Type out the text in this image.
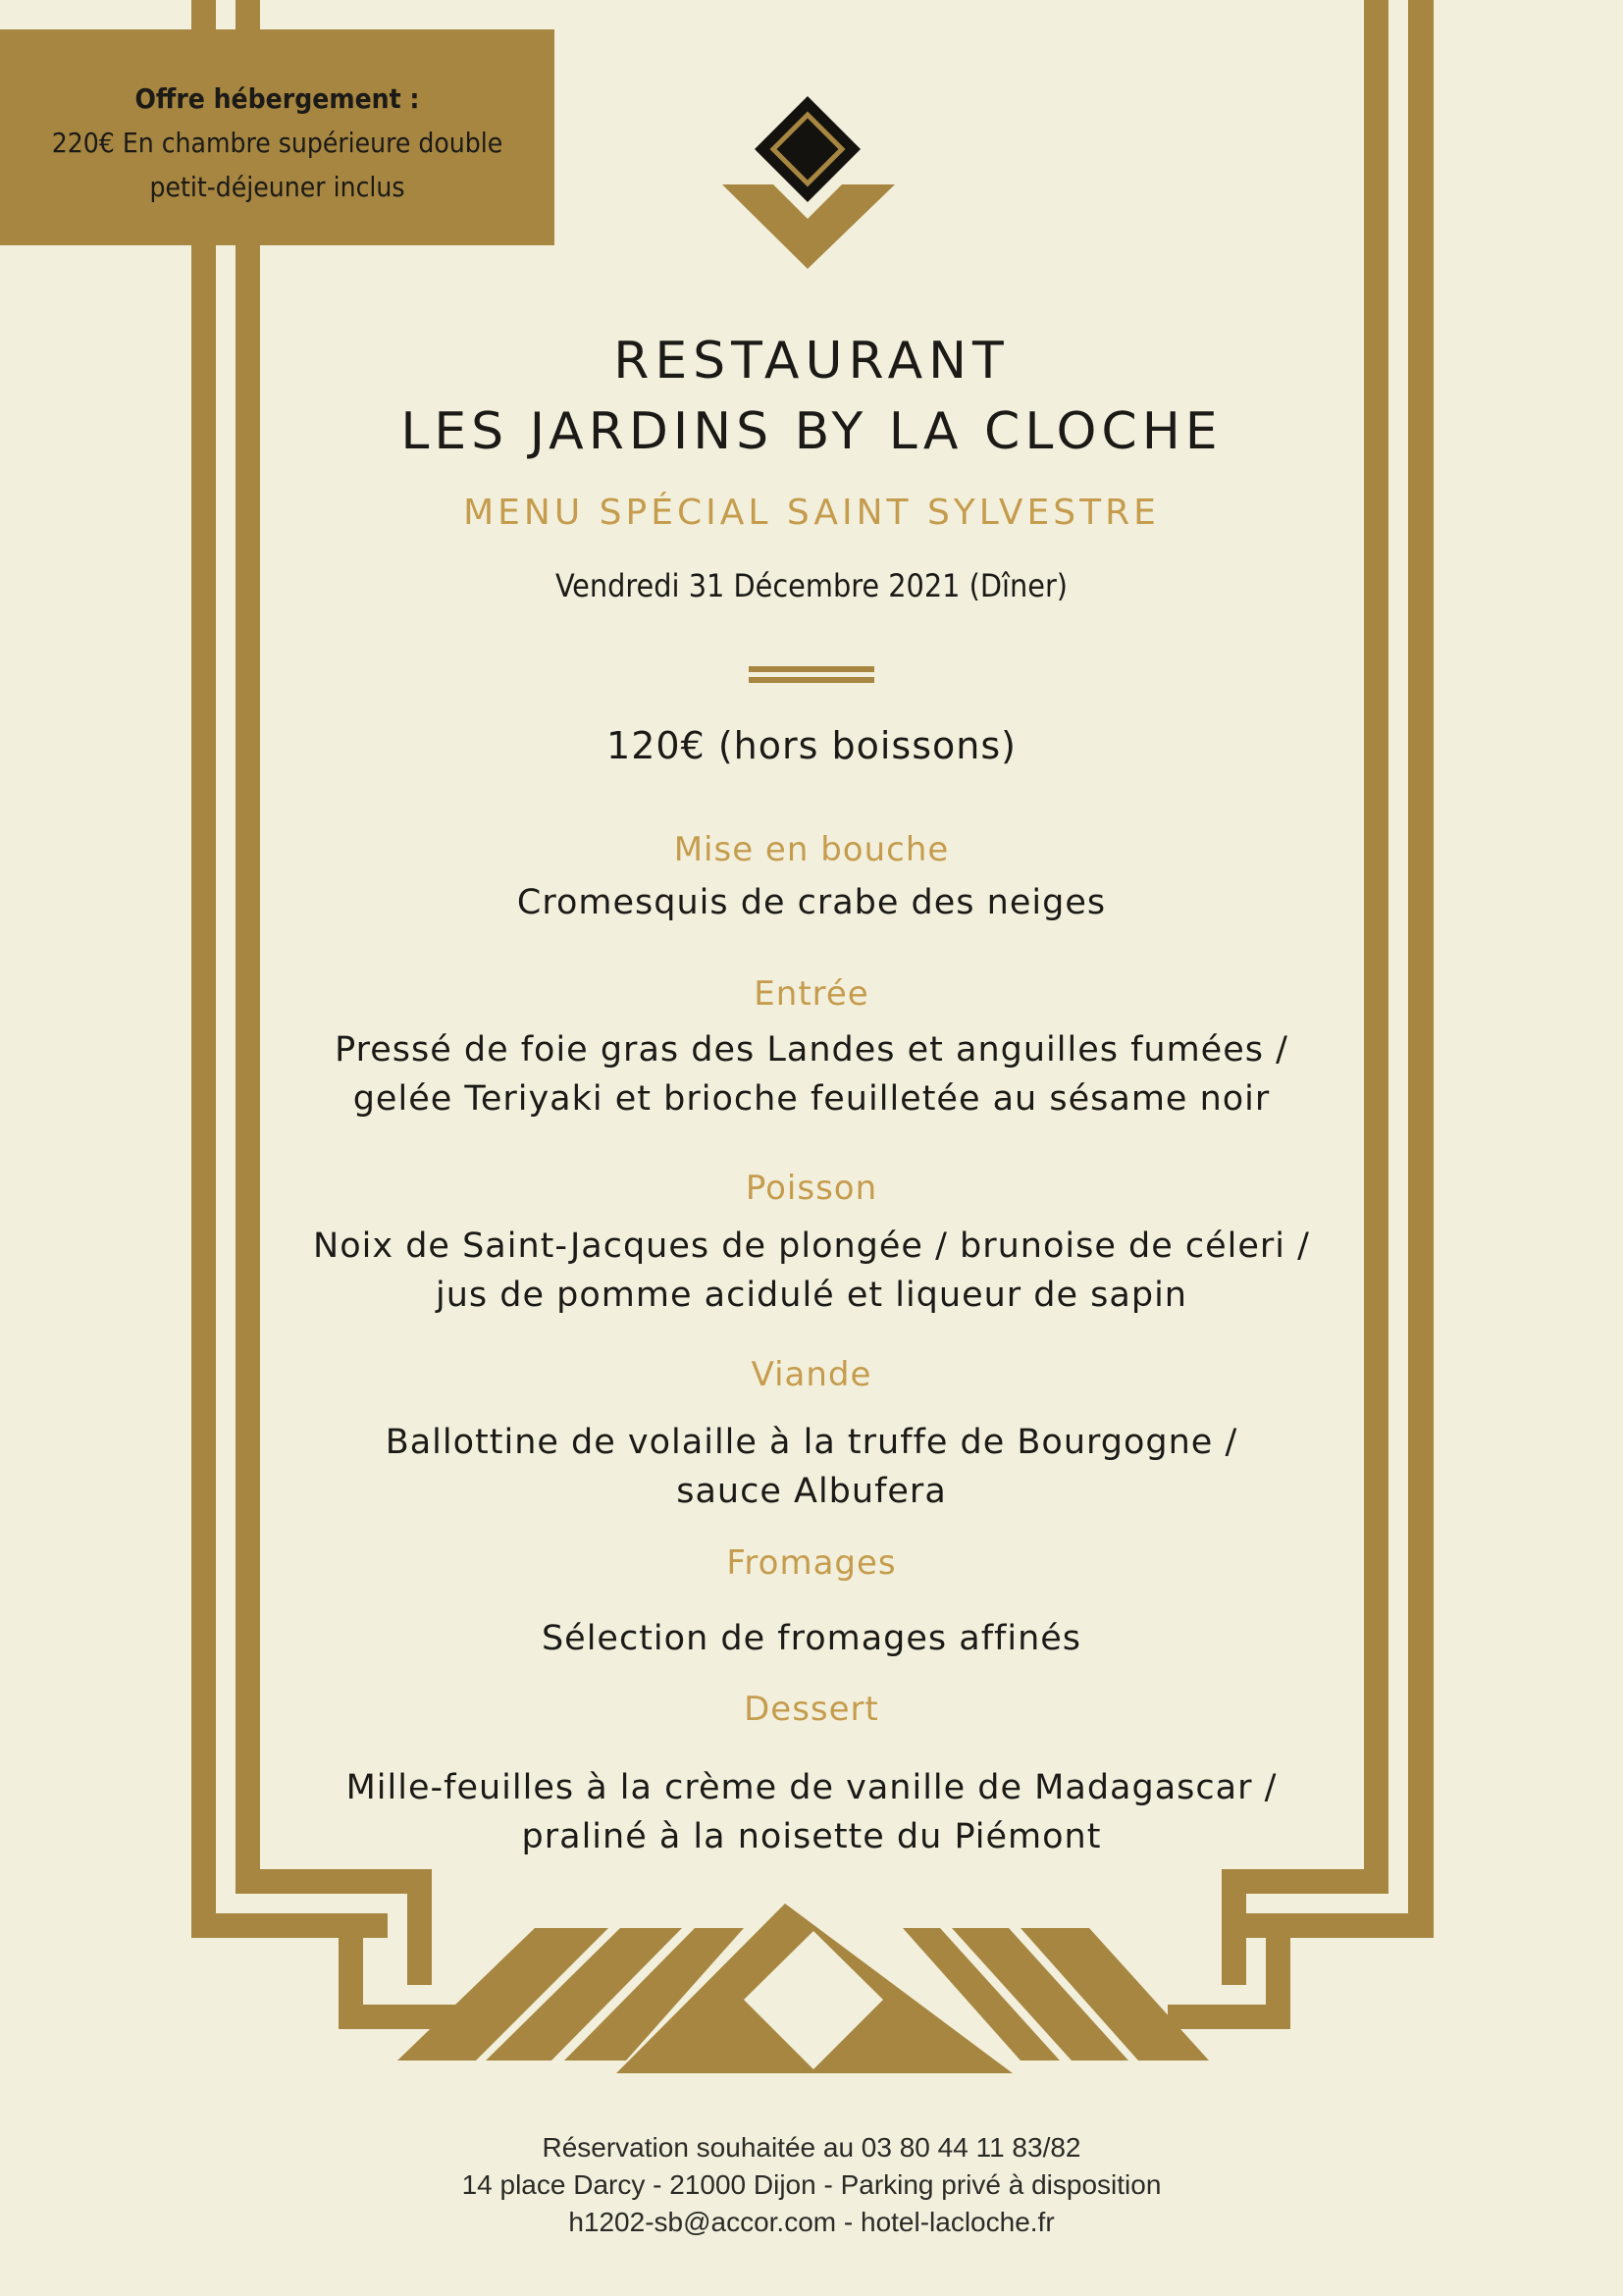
Offre hébergement :
220€ En chambre supérieure double
petit-déjeuner inclus
RESTAURANT
LES JARDINS BY LA CLOCHE
MENU SPÉCIAL SAINT SYLVESTRE
Vendredi 31 Décembre 2021 (Dîner)
120€ (hors boissons)
Mise en bouche
Cromesquis de crabe des neiges
Entrée
Pressé de foie gras des Landes et anguilles fumées /
gelée Teriyaki et brioche feuilletée au sésame noir
Poisson
Noix de Saint-Jacques de plongée / brunoise de céleri /
jus de pomme acidulé et liqueur de sapin
Viande
Ballottine de volaille à la truffe de Bourgogne /
sauce Albufera
Fromages
Sélection de fromages affinés
Dessert
Mille-feuilles à la crème de vanille de Madagascar /
praliné à la noisette du Piémont
Réservation souhaitée au 03 80 44 11 83/82
14 place Darcy - 21000 Dijon - Parking privé à disposition
h1202-sb@accor.com - hotel-lacloche.fr
